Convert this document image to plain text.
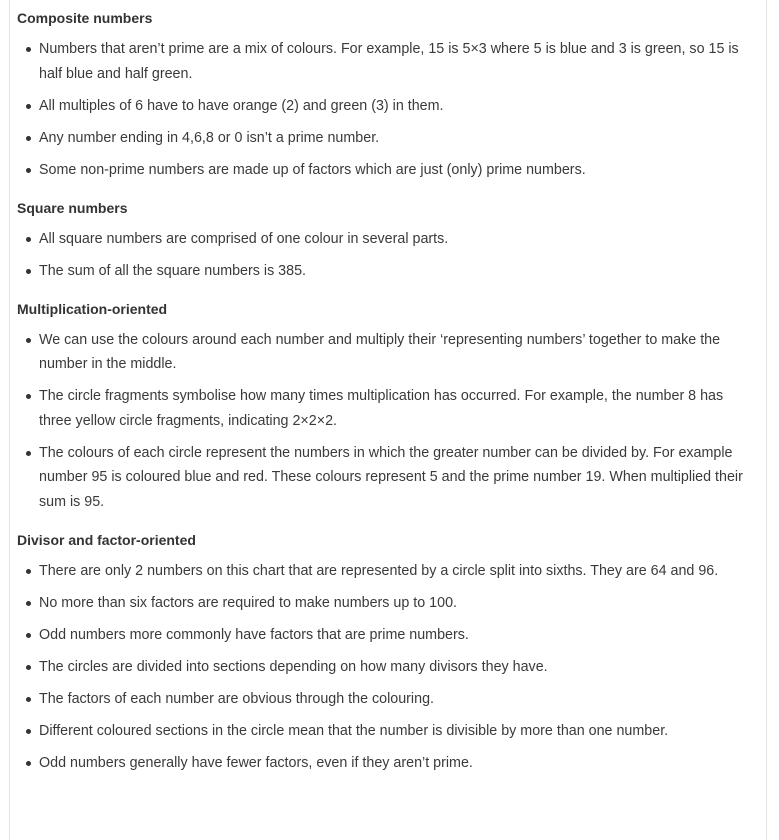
Composite numbers
Numbers that aren’t prime are a mix of colours. For example, 15 is 5×3 where 5 is blue and 3 is green, so 15 is half blue and half green.
All multiples of 6 have to have orange (2) and green (3) in them.
Any number ending in 4,6,8 or 0 isn’t a prime number.
Some non-prime numbers are made up of factors which are just (only) prime numbers.
Square numbers
All square numbers are comprised of one colour in several parts.
The sum of all the square numbers is 385.
Multiplication-oriented
We can use the colours around each number and multiply their ‘representing numbers’ together to make the number in the middle.
The circle fragments symbolise how many times multiplication has occurred. For example, the number 8 has three yellow circle fragments, indicating 2×2×2.
The colours of each circle represent the numbers in which the greater number can be divided by. For example number 95 is coloured blue and red. These colours represent 5 and the prime number 19. When multiplied their sum is 95.
Divisor and factor-oriented
There are only 2 numbers on this chart that are represented by a circle split into sixths. They are 64 and 96.
No more than six factors are required to make numbers up to 100.
Odd numbers more commonly have factors that are prime numbers.
The circles are divided into sections depending on how many divisors they have.
The factors of each number are obvious through the colouring.
Different coloured sections in the circle mean that the number is divisible by more than one number.
Odd numbers generally have fewer factors, even if they aren’t prime.
